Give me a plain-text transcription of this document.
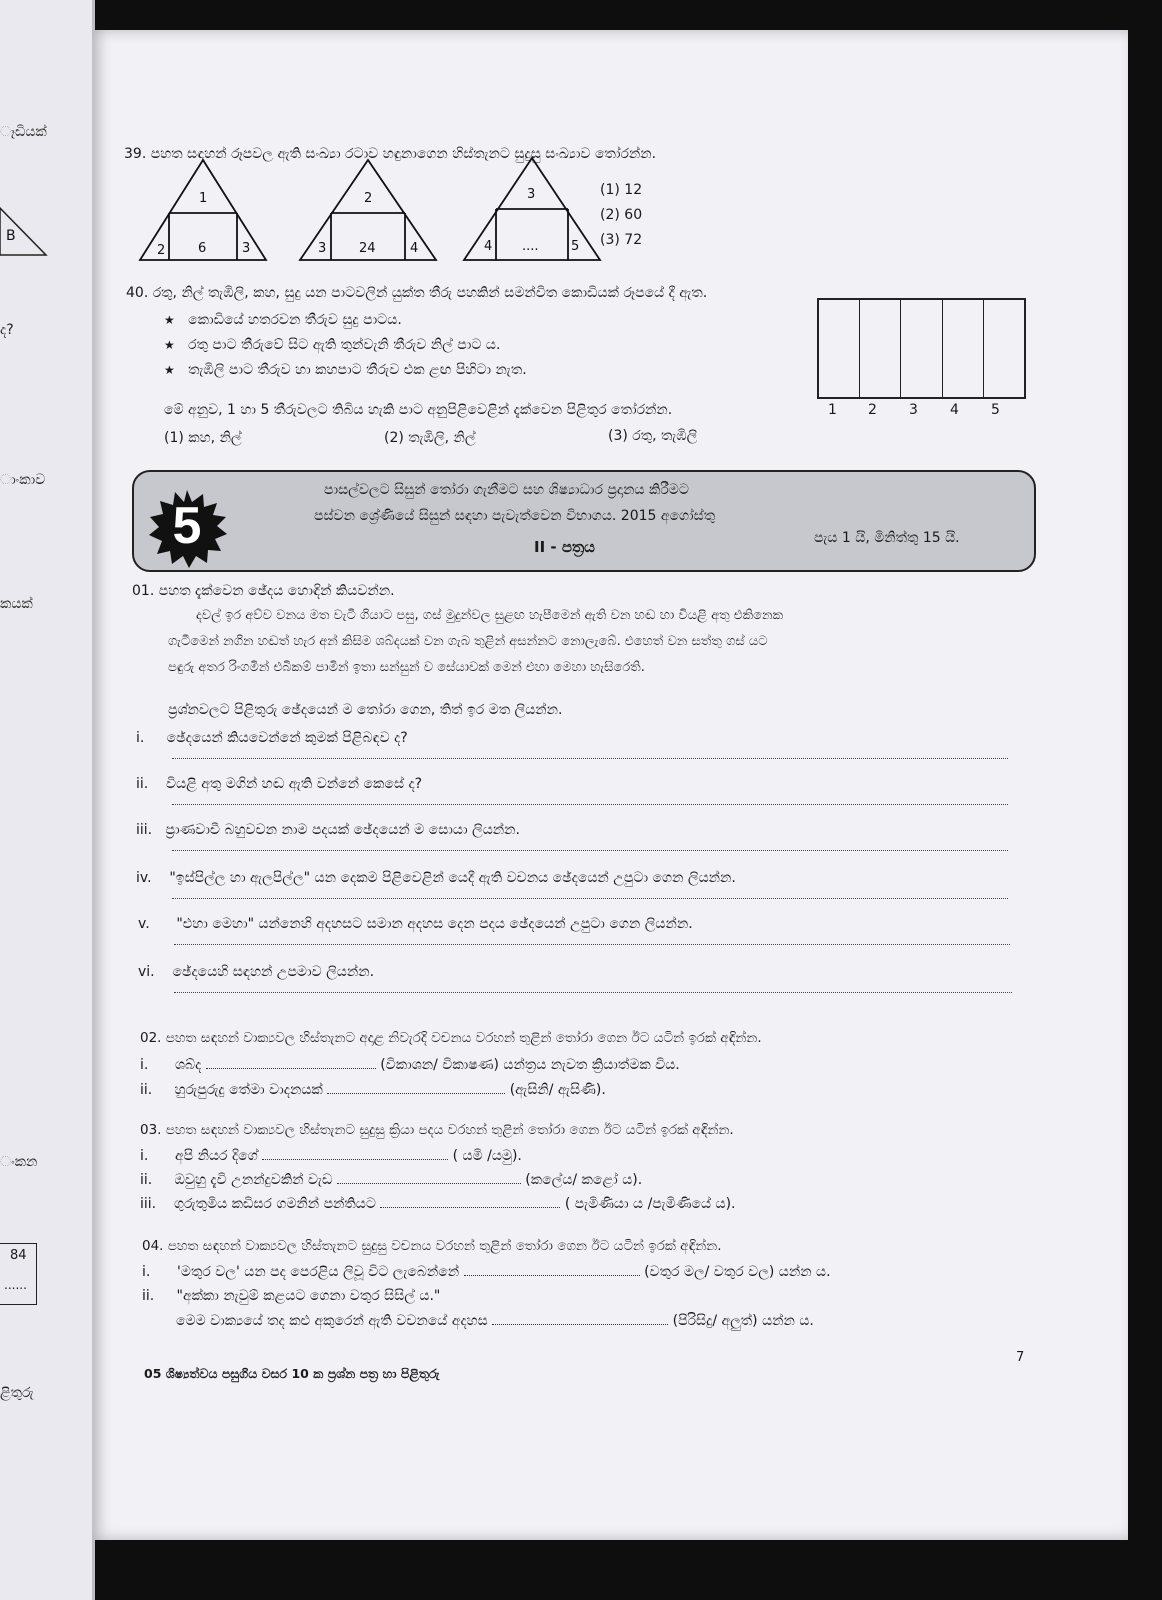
ෑඩියක්
B
ද?
ාංකාව
කයක්
ංකන
84
......
ළිතුරු
39. පහත සඳහන් රූපවල ඇති සංඛ්‍යා රටාව හඳුනාගෙන හිස්තැනට සුදුසු සංඛ්‍යාව තෝරන්න.
1
2	6	3
2
3	24	4
3
4 .... 5
(1) 12
(2) 60
(3) 72
40. රතු, නිල් තැඹිලි, කහ, සුදු යන පාටවලින් යුක්ත තීරු පහකින් සමන්විත කොඩියක් රූපයේ දී ඇත.
★ කොඩියේ හතරවන තීරුව සුදු පාටය.
★ රතු පාට තීරුවේ සිට ඇති තුන්වැනි තීරුව නිල් පාට ය.
★ තැඹිලි පාට තීරුව හා කහපාට තීරුව එක ළඟ පිහිටා නැත.
මේ අනුව, 1 හා 5 තීරුවලට තිබිය හැකි පාට අනුපිළිවෙළින් දැක්වෙන පිළිතුර තෝරන්න.	1 2 3 4 5
(1) කහ, නිල්	(2) තැඹිලි, නිල්	(3) රතු, තැඹිලි
5
පාසල්වලට සිසුන් තෝරා ගැනීමට සහ ශිෂ්‍යාධාර ප්‍රදානය කිරීමට
පස්වන ශ්‍රේණියේ සිසුන් සඳහා පැවැත්වෙන විභාගය. 2015 අගෝස්තු
II - පත්‍රය	පැය 1 යි, මිනිත්තු 15 යි.
01. පහත දැක්වෙන ඡේදය හොඳින් කියවන්න.
දවල් ඉර අව්ව වනය මත වැටී ගියාට පසු, ගස් මුදුන්වල සුළඟ හැපීමෙන් ඇති වන හඬ හා වියළි අතු එකිනෙක
ගැටීමෙන් නගින හඬත් හැර අන් කිසිම ශබ්දයක් වන ගැබ තුළින් අසන්නට නොලැබේ. එහෙත් වන සත්තු ගස් යට
පඳුරු අතර රිංගමින් එබිකම් පාමින් ඉතා සන්සුන් ව සේයාවක් මෙන් එහා මෙහා හැසිරෙති.
ප්‍රශ්නවලට පිළිතුරු ඡේදයෙන් ම තෝරා ගෙන, තිත් ඉර මත ලියන්න.
i. ඡේදයෙන් කියවෙන්නේ කුමක් පිළිබඳව ද?
ii. වියළි අතු මගින් හඬ ඇති වන්නේ කෙසේ ද?
iii. ප්‍රාණවාචී බහුවචන නාම පදයක් ඡේදයෙන් ම සොයා ලියන්න.
iv. "ඉස්පිල්ල හා ඇලපිල්ල" යන දෙකම පිළිවෙළින් යෙදී ඇති වචනය ඡේදයෙන් උපුටා ගෙන ලියන්න.
v. "එහා මෙහා" යන්නෙහි අදහසට සමාන අදහස දෙන පදය ඡේදයෙන් උපුටා ගෙන ලියන්න.
vi. ඡේදයෙහි සඳහන් උපමාව ලියන්න.
02. පහත සඳහන් වාක්‍යවල හිස්තැනට අදාළ නිවැරදි වචනය වරහන් තුළින් තෝරා ගෙන ඊට යටින් ඉරක් අඳින්න.
i. ශබ්ද	(විකාශන/ විකාෂණ) යන්ත්‍රය නැවත ක්‍රියාත්මක විය.
ii. හුරුපුරුදු තේමා වාදනයක්	(ඇසිනි/ ඇසිණි).
03. පහත සඳහන් වාක්‍යවල හිස්තැනට සුදුසු ක්‍රියා පදය වරහන් තුළින් තෝරා ගෙන ඊට යටින් ඉරක් අඳින්න.
i. අපි නියර දිගේ	( යමි /යමු).
ii. ඔවුහු දැවි උනන්දුවකින් වැඩ	(කලේය/ කළෝ ය).
iii. ගුරුතුමිය කඩිසර ගමනින් පන්තියට	( පැමිණියා ය /පැමිණියේ ය).
04. පහත සඳහන් වාක්‍යවල හිස්තැනට සුදුසු වචනය වරහන් තුළින් තෝරා ගෙන ඊට යටින් ඉරක් අඳින්න.
i. 'මතුර වල' යන පද පෙරළිය ලිවූ විට ලැබෙන්නේ	(වතුර මල/ වතුර වල) යන්න ය.
ii. "අක්කා නැවුම් කළයට ගෙනා වතුර සිසිල් ය."
මෙම වාක්‍යයේ තද කළු අකුරෙන් ඇති වචනයේ අදහස	(පිරිසිදු/ අලුත්) යන්න ය.
05 ශිෂ්‍යත්වය පසුගිය වසර 10 ක ප්‍රශ්න පත්‍ර හා පිළිතුරු
7
